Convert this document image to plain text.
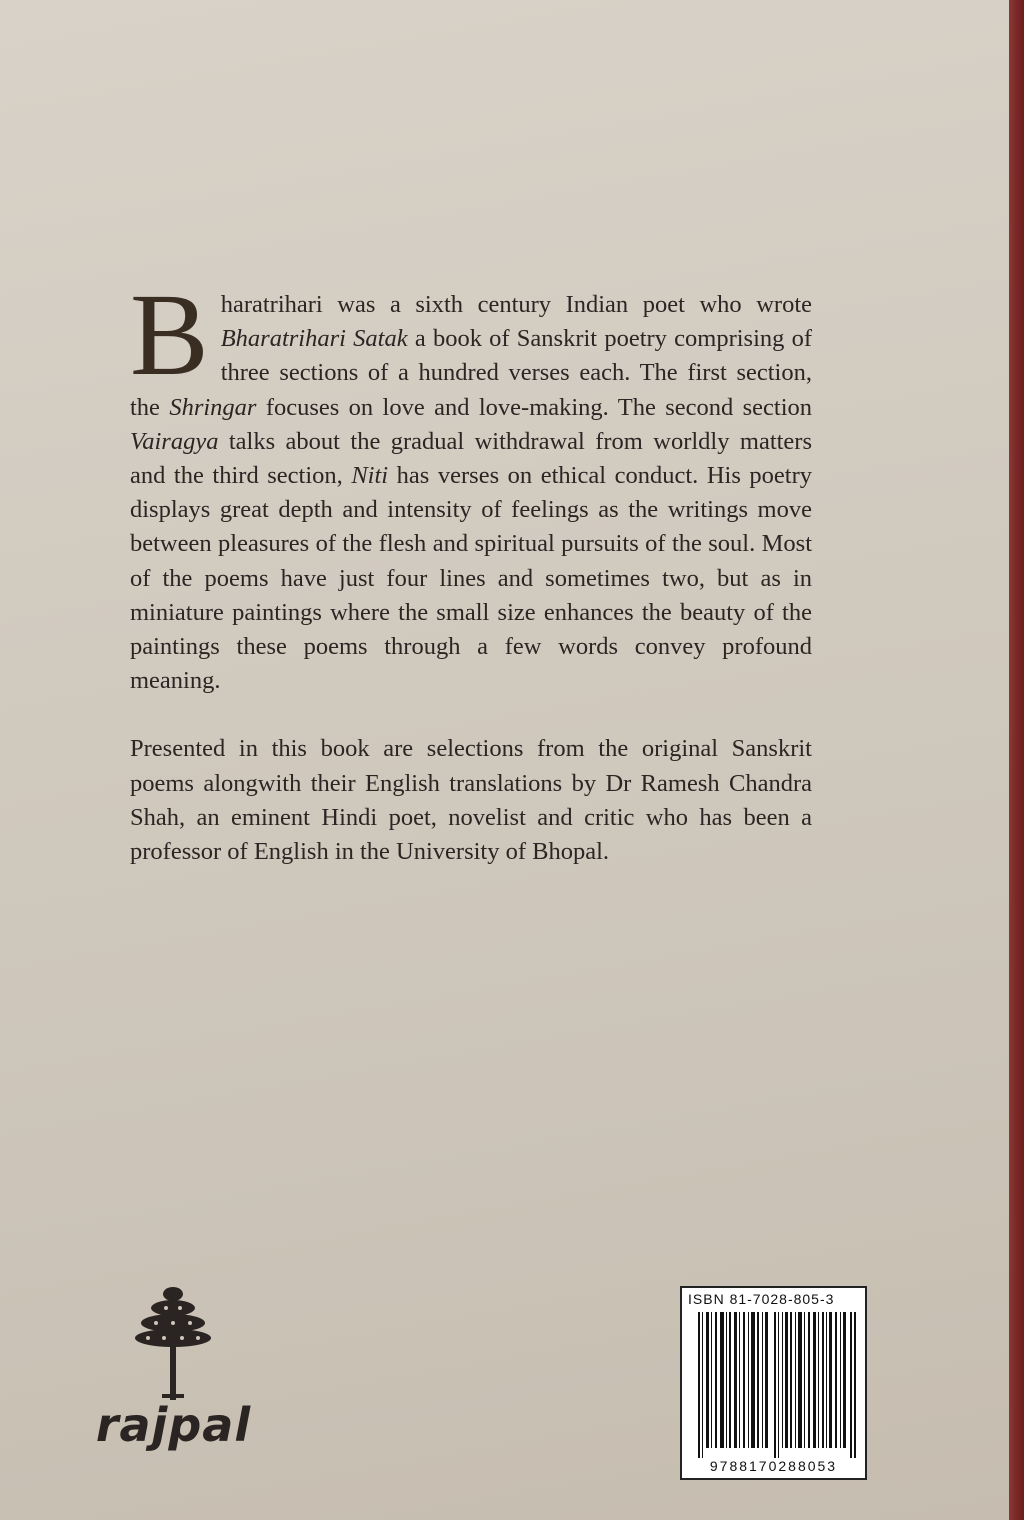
Bharatrihari was a sixth century Indian poet who wrote Bharatrihari Satak a book of Sanskrit poetry comprising of three sections of a hundred verses each. The first section, the Shringar focuses on love and love-making. The second section Vairagya talks about the gradual withdrawal from worldly matters and the third section, Niti has verses on ethical conduct. His poetry displays great depth and intensity of feelings as the writings move between pleasures of the flesh and spiritual pursuits of the soul. Most of the poems have just four lines and sometimes two, but as in miniature paintings where the small size enhances the beauty of the paintings these poems through a few words convey profound meaning.

Presented in this book are selections from the original Sanskrit poems alongwith their English translations by Dr Ramesh Chandra Shah, an eminent Hindi poet, novelist and critic who has been a professor of English in the University of Bhopal.

rajpal
ISBN 81-7028-805-3
9788170288053
